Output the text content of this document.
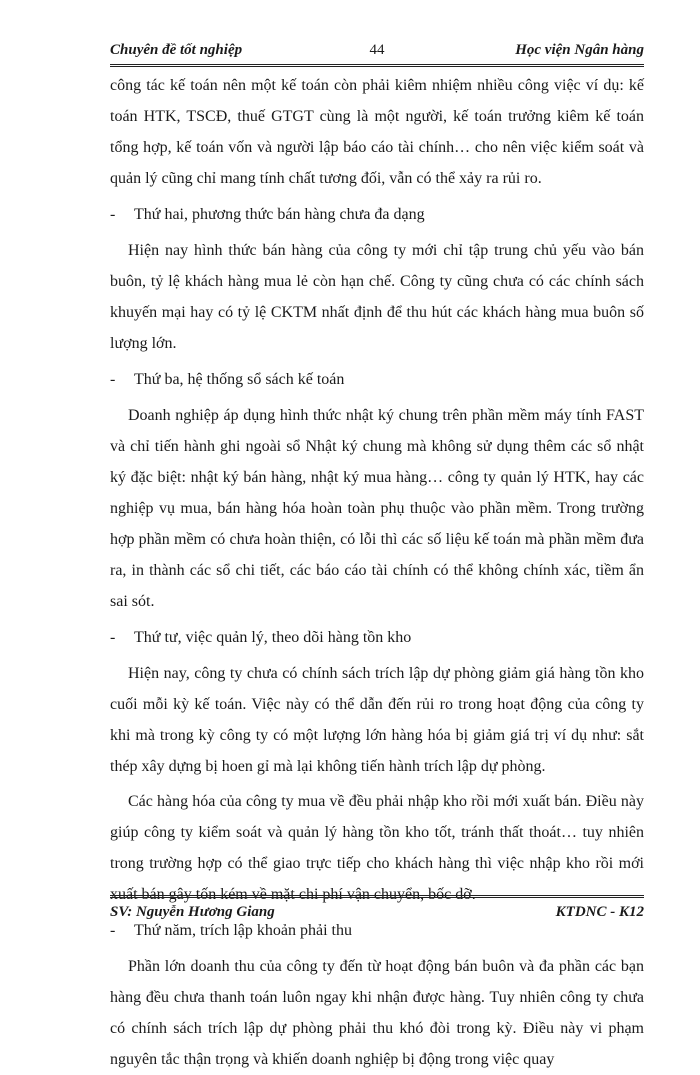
Chuyên đề tốt nghiệp	44	Học viện Ngân hàng

công tác kế toán nên một kế toán còn phải kiêm nhiệm nhiều công việc ví dụ: kế toán HTK, TSCĐ, thuế GTGT cùng là một người, kế toán trưởng kiêm kế toán tổng hợp, kế toán vốn và người lập báo cáo tài chính… cho nên việc kiểm soát và quản lý cũng chỉ mang tính chất tương đối, vẫn có thể xảy ra rủi ro.

- Thứ hai, phương thức bán hàng chưa đa dạng

Hiện nay hình thức bán hàng của công ty mới chỉ tập trung chủ yếu vào bán buôn, tỷ lệ khách hàng mua lẻ còn hạn chế. Công ty cũng chưa có các chính sách khuyến mại hay có tỷ lệ CKTM nhất định để thu hút các khách hàng mua buôn số lượng lớn.

- Thứ ba, hệ thống sổ sách kế toán

Doanh nghiệp áp dụng hình thức nhật ký chung trên phần mềm máy tính FAST và chỉ tiến hành ghi ngoài sổ Nhật ký chung mà không sử dụng thêm các sổ nhật ký đặc biệt: nhật ký bán hàng, nhật ký mua hàng… công ty quản lý HTK, hay các nghiệp vụ mua, bán hàng hóa hoàn toàn phụ thuộc vào phần mềm. Trong trường hợp phần mềm có chưa hoàn thiện, có lỗi thì các số liệu kế toán mà phần mềm đưa ra, in thành các sổ chi tiết, các báo cáo tài chính có thể không chính xác, tiềm ẩn sai sót.

- Thứ tư, việc quản lý, theo dõi hàng tồn kho

Hiện nay, công ty chưa có chính sách trích lập dự phòng giảm giá hàng tồn kho cuối mỗi kỳ kế toán. Việc này có thể dẫn đến rủi ro trong hoạt động của công ty khi mà trong kỳ công ty có một lượng lớn hàng hóa bị giảm giá trị ví dụ như: sắt thép xây dựng bị hoen gỉ mà lại không tiến hành trích lập dự phòng.

Các hàng hóa của công ty mua về đều phải nhập kho rồi mới xuất bán. Điều này giúp công ty kiểm soát và quản lý hàng tồn kho tốt, tránh thất thoát… tuy nhiên trong trường hợp có thể giao trực tiếp cho khách hàng thì việc nhập kho rồi mới xuất bán gây tốn kém về mặt chi phí vận chuyển, bốc dỡ.

- Thứ năm, trích lập khoản phải thu

Phần lớn doanh thu của công ty đến từ hoạt động bán buôn và đa phần các bạn hàng đều chưa thanh toán luôn ngay khi nhận được hàng. Tuy nhiên công ty chưa có chính sách trích lập dự phòng phải thu khó đòi trong kỳ. Điều này vi phạm nguyên tắc thận trọng và khiến doanh nghiệp bị động trong việc quay

SV: Nguyễn Hương Giang	KTDNC - K12
